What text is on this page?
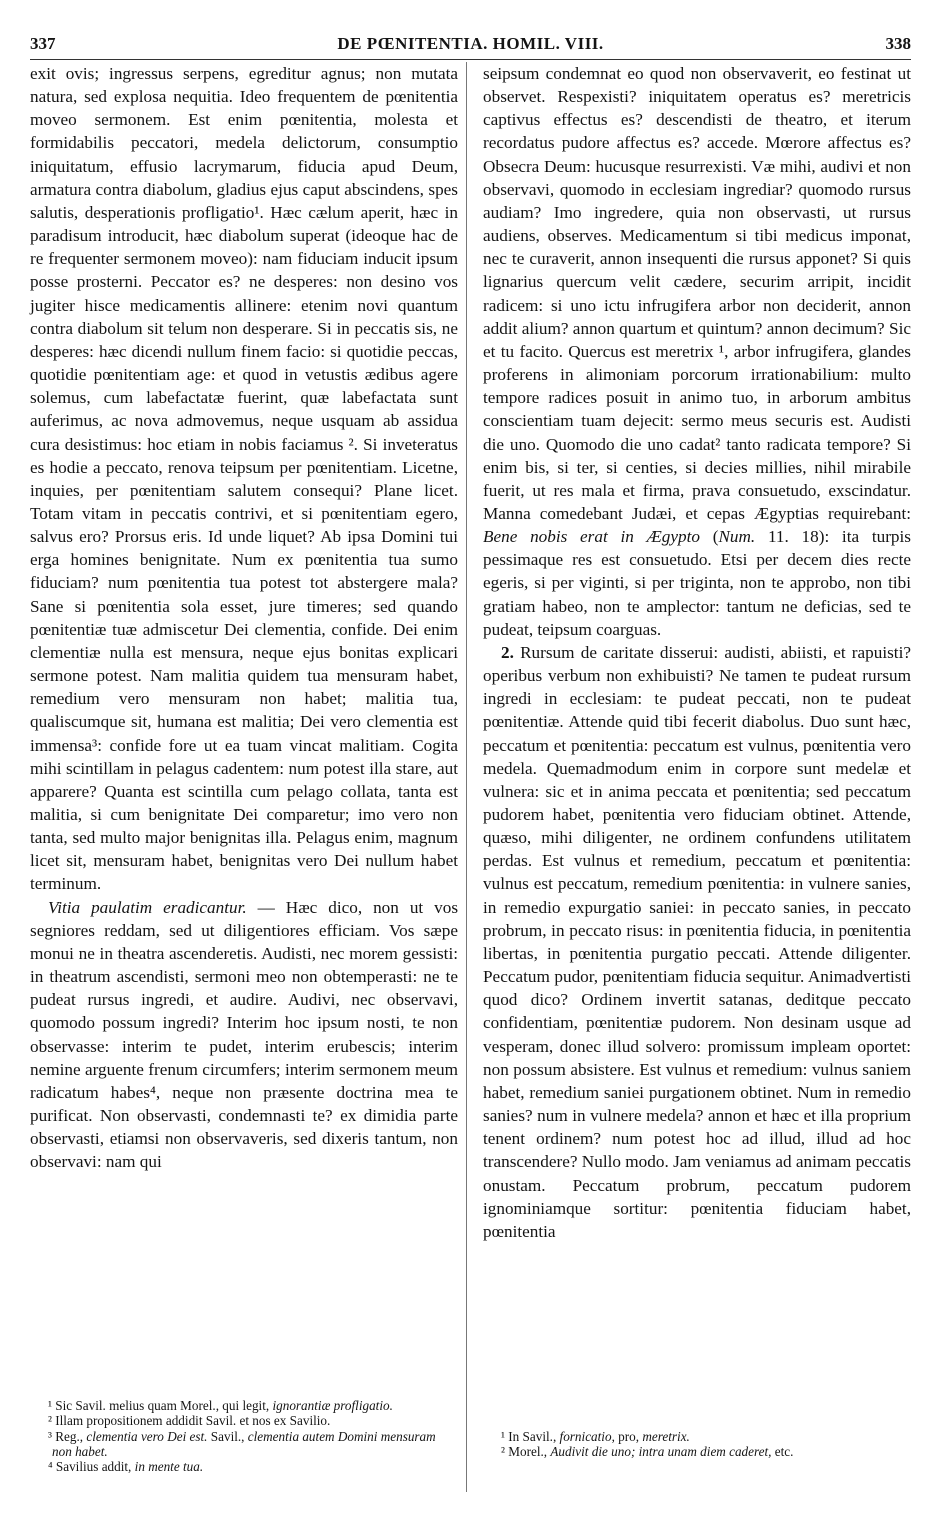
337	DE PŒNITENTIA. HOMIL. VIII.	338

exit ovis; ingressus serpens, egreditur agnus; non mutata natura, sed explosa nequitia. Ideo frequentem de pœnitentia moveo sermonem. Est enim pœnitentia, molesta et formidabilis peccatori, medela delictorum, consumptio iniquitatum, effusio lacrymarum, fiducia apud Deum, armatura contra diabolum, gladius ejus caput abscindens, spes salutis, desperationis profligatio¹. Hæc cælum aperit, hæc in paradisum introducit, hæc diabolum superat (ideoque hac de re frequenter sermonem moveo): nam fiduciam inducit ipsum posse prosterni. Peccator es? ne desperes: non desino vos jugiter hisce medicamentis allinere: etenim novi quantum contra diabolum sit telum non desperare. Si in peccatis sis, ne desperes: hæc dicendi nullum finem facio: si quotidie peccas, quotidie pœnitentiam age: et quod in vetustis ædibus agere solemus, cum labefactatæ fuerint, quæ labefactata sunt auferimus, ac nova admovemus, neque usquam ab assidua cura desistimus: hoc etiam in nobis faciamus ². Si inveteratus es hodie a peccato, renova teipsum per pœnitentiam. Licetne, inquies, per pœnitentiam salutem consequi? Plane licet. Totam vitam in peccatis contrivi, et si pœnitentiam egero, salvus ero? Prorsus eris. Id unde liquet? Ab ipsa Domini tui erga homines benignitate. Num ex pœnitentia tua sumo fiduciam? num pœnitentia tua potest tot abstergere mala? Sane si pœnitentia sola esset, jure timeres; sed quando pœnitentiæ tuæ admiscetur Dei clementia, confide. Dei enim clementiæ nulla est mensura, neque ejus bonitas explicari sermone potest. Nam malitia quidem tua mensuram habet, remedium vero mensuram non habet; malitia tua, qualiscumque sit, humana est malitia; Dei vero clementia est immensa³: confide fore ut ea tuam vincat malitiam. Cogita mihi scintillam in pelagus cadentem: num potest illa stare, aut apparere? Quanta est scintilla cum pelago collata, tanta est malitia, si cum benignitate Dei comparetur; imo vero non tanta, sed multo major benignitas illa. Pelagus enim, magnum licet sit, mensuram habet, benignitas vero Dei nullum habet terminum.

Vitia paulatim eradicantur. — Hæc dico, non ut vos segniores reddam, sed ut diligentiores efficiam. Vos sæpe monui ne in theatra ascenderetis. Audisti, nec morem gessisti: in theatrum ascendisti, sermoni meo non obtemperasti: ne te pudeat rursus ingredi, et audire. Audivi, nec observavi, quomodo possum ingredi? Interim hoc ipsum nosti, te non observasse: interim te pudet, interim erubescis; interim nemine arguente frenum circumfers; interim sermonem meum radicatum habes⁴, neque non præsente doctrina mea te purificat. Non observasti, condemnasti te? ex dimidia parte observasti, etiamsi non observaveris, sed dixeris tantum, non observavi: nam qui

seipsum condemnat eo quod non observaverit, eo festinat ut observet. Respexisti? iniquitatem operatus es? meretricis captivus effectus es? descendisti de theatro, et iterum recordatus pudore affectus es? accede. Mœrore affectus es? Obsecra Deum: hucusque resurrexisti. Væ mihi, audivi et non observavi, quomodo in ecclesiam ingrediar? quomodo rursus audiam? Imo ingredere, quia non observasti, ut rursus audiens, observes. Medicamentum si tibi medicus imponat, nec te curaverit, annon insequenti die rursus apponet? Si quis lignarius quercum velit cædere, securim arripit, incidit radicem: si uno ictu infrugifera arbor non deciderit, annon addit alium? annon quartum et quintum? annon decimum? Sic et tu facito. Quercus est meretrix ¹, arbor infrugifera, glandes proferens in alimoniam porcorum irrationabilium: multo tempore radices posuit in animo tuo, in arborum ambitus conscientiam tuam dejecit: sermo meus securis est. Audisti die uno. Quomodo die uno cadat² tanto radicata tempore? Si enim bis, si ter, si centies, si decies millies, nihil mirabile fuerit, ut res mala et firma, prava consuetudo, exscindatur. Manna comedebant Judæi, et cepas Ægyptias requirebant: Bene nobis erat in Ægypto (Num. 11. 18): ita turpis pessimaque res est consuetudo. Etsi per decem dies recte egeris, si per viginti, si per triginta, non te approbo, non tibi gratiam habeo, non te amplector: tantum ne deficias, sed te pudeat, teipsum coarguas.

2. Rursum de caritate disserui: audisti, abiisti, et rapuisti? operibus verbum non exhibuisti? Ne tamen te pudeat rursum ingredi in ecclesiam: te pudeat peccati, non te pudeat pœnitentiæ. Attende quid tibi fecerit diabolus. Duo sunt hæc, peccatum et pœnitentia: peccatum est vulnus, pœnitentia vero medela. Quemadmodum enim in corpore sunt medelæ et vulnera: sic et in anima peccata et pœnitentia; sed peccatum pudorem habet, pœnitentia vero fiduciam obtinet. Attende, quæso, mihi diligenter, ne ordinem confundens utilitatem perdas. Est vulnus et remedium, peccatum et pœnitentia: vulnus est peccatum, remedium pœnitentia: in vulnere sanies, in remedio expurgatio saniei: in peccato sanies, in peccato probrum, in peccato risus: in pœnitentia fiducia, in pœnitentia libertas, in pœnitentia purgatio peccati. Attende diligenter. Peccatum pudor, pœnitentiam fiducia sequitur. Animadvertisti quod dico? Ordinem invertit satanas, deditque peccato confidentiam, pœnitentiæ pudorem. Non desinam usque ad vesperam, donec illud solvero: promissum impleam oportet: non possum absistere. Est vulnus et remedium: vulnus saniem habet, remedium saniei purgationem obtinet. Num in remedio sanies? num in vulnere medela? annon et hæc et illa proprium tenent ordinem? num potest hoc ad illud, illud ad hoc transcendere? Nullo modo. Jam veniamus ad animam peccatis onustam. Peccatum probrum, peccatum pudorem ignominiamque sortitur: pœnitentia fiduciam habet, pœnitentia

¹ Sic Savil. melius quam Morel., qui legit, ignorantiæ profligatio.

² Illam propositionem addidit Savil. et nos ex Savilio.

³ Reg., clementia vero Dei est. Savil., clementia autem Domini mensuram non habet.

⁴ Savilius addit, in mente tua.

¹ In Savil., fornicatio, pro, meretrix.

² Morel., Audivit die uno; intra unam diem caderet, etc.
